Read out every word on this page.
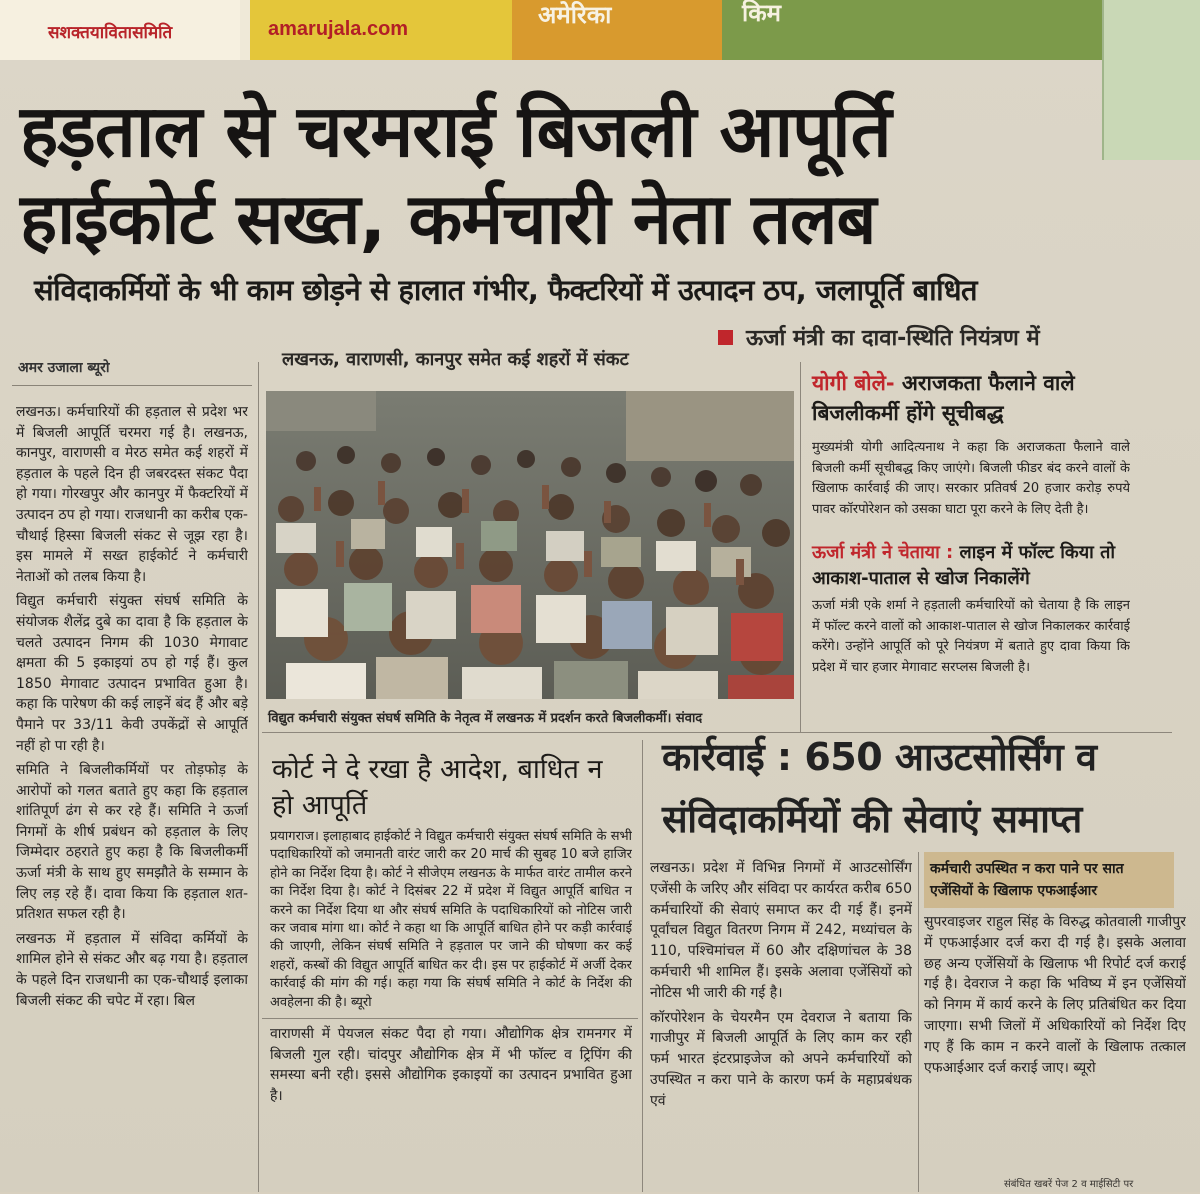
सशक्तयावितासमिति	amarujala.com	अमेरिका	किम
हड़ताल से चरमराई बिजली आपूर्ति
हाईकोर्ट सख्त, कर्मचारी नेता तलब
संविदाकर्मियों के भी काम छोड़ने से हालात गंभीर, फैक्टरियों में उत्पादन ठप, जलापूर्ति बाधित
अमर उजाला ब्यूरो	लखनऊ, वाराणसी, कानपुर समेत कई शहरों में संकट
ऊर्जा मंत्री का दावा-स्थिति नियंत्रण में

लखनऊ। कर्मचारियों की हड़ताल से प्रदेश भर में बिजली आपूर्ति चरमरा गई है। लखनऊ, कानपुर, वाराणसी व मेरठ समेत कई शहरों में हड़ताल के पहले दिन ही जबरदस्त संकट पैदा हो गया। गोरखपुर और कानपुर में फैक्टरियों में उत्पादन ठप हो गया। राजधानी का करीब एक-चौथाई हिस्सा बिजली संकट से जूझ रहा है। इस मामले में सख्त हाईकोर्ट ने कर्मचारी नेताओं को तलब किया है।

विद्युत कर्मचारी संयुक्त संघर्ष समिति के संयोजक शैलेंद्र दुबे का दावा है कि हड़ताल के चलते उत्पादन निगम की 1030 मेगावाट क्षमता की 5 इकाइयां ठप हो गई हैं। कुल 1850 मेगावाट उत्पादन प्रभावित हुआ है। कहा कि पारेषण की कई लाइनें बंद हैं और बड़े पैमाने पर 33/11 केवी उपकेंद्रों से आपूर्ति नहीं हो पा रही है।

समिति ने बिजलीकर्मियों पर तोड़फोड़ के आरोपों को गलत बताते हुए कहा कि हड़ताल शांतिपूर्ण ढंग से कर रहे हैं। समिति ने ऊर्जा निगमों के शीर्ष प्रबंधन को हड़ताल के लिए जिम्मेदार ठहराते हुए कहा है कि बिजलीकर्मी ऊर्जा मंत्री के साथ हुए समझौते के सम्मान के लिए लड़ रहे हैं। दावा किया कि हड़ताल शत-प्रतिशत सफल रही है।

लखनऊ में हड़ताल में संविदा कर्मियों के शामिल होने से संकट और बढ़ गया है। हड़ताल के पहले दिन राजधानी का एक-चौथाई इलाका बिजली संकट की चपेट में रहा। बिल

विद्युत कर्मचारी संयुक्त संघर्ष समिति के नेतृत्व में लखनऊ में प्रदर्शन करते बिजलीकर्मी। संवाद
योगी बोले- अराजकता फैलाने वाले बिजलीकर्मी होंगे सूचीबद्ध
मुख्यमंत्री योगी आदित्यनाथ ने कहा कि अराजकता फैलाने वाले बिजली कर्मी सूचीबद्ध किए जाएंगे। बिजली फीडर बंद करने वालों के खिलाफ कार्रवाई की जाए। सरकार प्रतिवर्ष 20 हजार करोड़ रुपये पावर कॉरपोरेशन को उसका घाटा पूरा करने के लिए देती है।
ऊर्जा मंत्री ने चेताया : लाइन में फॉल्ट किया तो आकाश-पाताल से खोज निकालेंगे
ऊर्जा मंत्री एके शर्मा ने हड़ताली कर्मचारियों को चेताया है कि लाइन में फॉल्ट करने वालों को आकाश-पाताल से खोज निकालकर कार्रवाई करेंगे। उन्होंने आपूर्ति को पूरे नियंत्रण में बताते हुए दावा किया कि प्रदेश में चार हजार मेगावाट सरप्लस बिजली है।
कोर्ट ने दे रखा है आदेश, बाधित न हो आपूर्ति
प्रयागराज। इलाहाबाद हाईकोर्ट ने विद्युत कर्मचारी संयुक्त संघर्ष समिति के सभी पदाधिकारियों को जमानती वारंट जारी कर 20 मार्च की सुबह 10 बजे हाजिर होने का निर्देश दिया है। कोर्ट ने सीजेएम लखनऊ के मार्फत वारंट तामील करने का निर्देश दिया है। कोर्ट ने दिसंबर 22 में प्रदेश में विद्युत आपूर्ति बाधित न करने का निर्देश दिया था और संघर्ष समिति के पदाधिकारियों को नोटिस जारी कर जवाब मांगा था। कोर्ट ने कहा था कि आपूर्ति बाधित होने पर कड़ी कार्रवाई की जाएगी, लेकिन संघर्ष समिति ने हड़ताल पर जाने की घोषणा कर कई शहरों, कस्बों की विद्युत आपूर्ति बाधित कर दी। इस पर हाईकोर्ट में अर्जी देकर कार्रवाई की मांग की गई। कहा गया कि संघर्ष समिति ने कोर्ट के निर्देश की अवहेलना की है। ब्यूरो
वाराणसी में पेयजल संकट पैदा हो गया। औद्योगिक क्षेत्र रामनगर में बिजली गुल रही। चांदपुर औद्योगिक क्षेत्र में भी फॉल्ट व ट्रिपिंग की समस्या बनी रही। इससे औद्योगिक इकाइयों का उत्पादन प्रभावित हुआ है।
कार्रवाई : 650 आउटसोर्सिंग व
संविदाकर्मियों की सेवाएं समाप्त

लखनऊ। प्रदेश में विभिन्न निगमों में आउटसोर्सिंग एजेंसी के जरिए और संविदा पर कार्यरत करीब 650 कर्मचारियों की सेवाएं समाप्त कर दी गई हैं। इनमें पूर्वांचल विद्युत वितरण निगम में 242, मध्यांचल के 110, पश्चिमांचल में 60 और दक्षिणांचल के 38 कर्मचारी भी शामिल हैं। इसके अलावा एजेंसियों को नोटिस भी जारी की गई है।

कॉरपोरेशन के चेयरमैन एम देवराज ने बताया कि गाजीपुर में बिजली आपूर्ति के लिए काम कर रही फर्म भारत इंटरप्राइजेज को अपने कर्मचारियों को उपस्थित न करा पाने के कारण फर्म के महाप्रबंधक एवं

कर्मचारी उपस्थित न करा पाने पर सात एजेंसियों के खिलाफ एफआईआर
सुपरवाइजर राहुल सिंह के विरुद्ध कोतवाली गाजीपुर में एफआईआर दर्ज करा दी गई है। इसके अलावा छह अन्य एजेंसियों के खिलाफ भी रिपोर्ट दर्ज कराई गई है। देवराज ने कहा कि भविष्य में इन एजेंसियों को निगम में कार्य करने के लिए प्रतिबंधित कर दिया जाएगा। सभी जिलों में अधिकारियों को निर्देश दिए गए हैं कि काम न करने वालों के खिलाफ तत्काल एफआईआर दर्ज कराई जाए। ब्यूरो
संबंधित खबरें पेज 2 व माईसिटी पर
